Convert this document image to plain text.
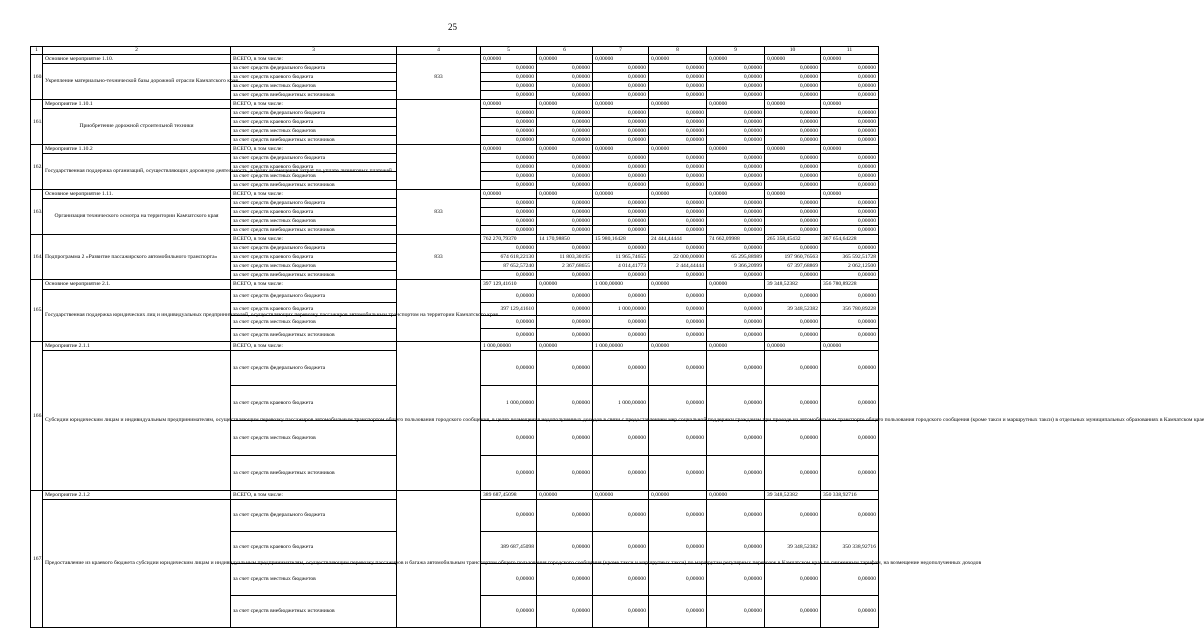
25
1	2	3	4	5	6	7	8	9	10	11
160.	Основное мероприятие 1.10.	ВСЕГО, в том числе:	833	0,00000	0,00000	0,00000	0,00000	0,00000	0,00000	0,00000
	Укрепление материально-технической базы дорожной отрасли Камчатского края	за счет средств федерального бюджета		0,00000	0,00000	0,00000	0,00000	0,00000	0,00000	0,00000
		за счет средств краевого бюджета		0,00000	0,00000	0,00000	0,00000	0,00000	0,00000	0,00000
		за счет средств местных бюджетов		0,00000	0,00000	0,00000	0,00000	0,00000	0,00000	0,00000
		за счет средств внебюджетных источников		0,00000	0,00000	0,00000	0,00000	0,00000	0,00000	0,00000
161.	Мероприятие 1.10.1	ВСЕГО, в том числе:		0,00000	0,00000	0,00000	0,00000	0,00000	0,00000	0,00000
	Приобретение дорожной строительной техники	за счет средств федерального бюджета		0,00000	0,00000	0,00000	0,00000	0,00000	0,00000	0,00000
		за счет средств краевого бюджета		0,00000	0,00000	0,00000	0,00000	0,00000	0,00000	0,00000
		за счет средств местных бюджетов		0,00000	0,00000	0,00000	0,00000	0,00000	0,00000	0,00000
		за счет средств внебюджетных источников		0,00000	0,00000	0,00000	0,00000	0,00000	0,00000	0,00000
162.	Мероприятие 1.10.2	ВСЕГО, в том числе:		0,00000	0,00000	0,00000	0,00000	0,00000	0,00000	0,00000
	Государственная поддержка организаций, осуществляющих дорожную деятельность, в целях возмещения затрат по уплате лизинговых платежей	за счет средств федерального бюджета		0,00000	0,00000	0,00000	0,00000	0,00000	0,00000	0,00000
		за счет средств краевого бюджета		0,00000	0,00000	0,00000	0,00000	0,00000	0,00000	0,00000
		за счет средств местных бюджетов		0,00000	0,00000	0,00000	0,00000	0,00000	0,00000	0,00000
		за счет средств внебюджетных источников		0,00000	0,00000	0,00000	0,00000	0,00000	0,00000	0,00000
163.	Основное мероприятие 1.11.	ВСЕГО, в том числе:	833	0,00000	0,00000	0,00000	0,00000	0,00000	0,00000	0,00000
	Организация технического осмотра на территории Камчатского края	за счет средств федерального бюджета		0,00000	0,00000	0,00000	0,00000	0,00000	0,00000	0,00000
		за счет средств краевого бюджета		0,00000	0,00000	0,00000	0,00000	0,00000	0,00000	0,00000
		за счет средств местных бюджетов		0,00000	0,00000	0,00000	0,00000	0,00000	0,00000	0,00000
		за счет средств внебюджетных источников		0,00000	0,00000	0,00000	0,00000	0,00000	0,00000	0,00000
164.	Подпрограмма 2 «Развитие пассажирского автомобильного транспорта»	ВСЕГО, в том числе:	833	762 270,79370	14 170,98850	15 980,16428	24 444,44444	74 662,09988	265 358,45432	367 654,64228
		за счет средств федерального бюджета		0,00000	0,00000	0,00000	0,00000	0,00000	0,00000	0,00000
		за счет средств краевого бюджета		674 618,22130	11 803,30195	11 965,74655	22 000,00000	65 295,88989	197 960,76563	365 592,51728
		за счет средств местных бюджетов		87 652,57240	2 367,68655	4 014,41773	2 444,44444	9 366,20999	67 397,68869	2 062,12500
		за счет средств внебюджетных источников		0,00000	0,00000	0,00000	0,00000	0,00000	0,00000	0,00000
165.	Основное мероприятие 2.1.	ВСЕГО, в том числе:		397 129,41610	0,00000	1 000,00000	0,00000	0,00000	39 348,52382	356 780,89228
	Государственная поддержка юридических лиц и индивидуальных предпринимателей, осуществляющих перевозку пассажиров автомобильным транспортом на территории Камчатского края	за счет средств федерального бюджета		0,00000	0,00000	0,00000	0,00000	0,00000	0,00000	0,00000
		за счет средств краевого бюджета		397 129,41610	0,00000	1 000,00000	0,00000	0,00000	39 348,52382	356 780,89228
		за счет средств местных бюджетов		0,00000	0,00000	0,00000	0,00000	0,00000	0,00000	0,00000
		за счет средств внебюджетных источников		0,00000	0,00000	0,00000	0,00000	0,00000	0,00000	0,00000
166.	Мероприятие 2.1.1	ВСЕГО, в том числе:		1 000,00000	0,00000	1 000,00000	0,00000	0,00000	0,00000	0,00000
	Субсидии юридическим лицам и индивидуальным предпринимателям, осуществляющим перевозку пассажиров автомобильным транспортом общего пользования городского сообщения, в целях возмещения недополученных доходов в связи с предоставлением мер социальной поддержки гражданам при проезде на автомобильном транспорте общего пользования городского сообщения (кроме такси и маршрутных такси) в отдельных муниципальных образованиях в Камчатском крае	за счет средств федерального бюджета		0,00000	0,00000	0,00000	0,00000	0,00000	0,00000	0,00000
		за счет средств краевого бюджета		1 000,00000	0,00000	1 000,00000	0,00000	0,00000	0,00000	0,00000
		за счет средств местных бюджетов		0,00000	0,00000	0,00000	0,00000	0,00000	0,00000	0,00000
		за счет средств внебюджетных источников		0,00000	0,00000	0,00000	0,00000	0,00000	0,00000	0,00000
167.	Мероприятие 2.1.2	ВСЕГО, в том числе:		389 687,45098	0,00000	0,00000	0,00000	0,00000	39 348,52382	350 338,92716
	Предоставление из краевого бюджета субсидии юридическим лицам и индивидуальным предпринимателям, осуществляющим перевозку пассажиров и багажа автомобильным транспортом общего пользования городского сообщения (кроме такси и маршрутных такси) по маршрутам регулярных перевозок в Камчатском крае по сниженным тарифам, на возмещение недополученных доходов	за счет средств федерального бюджета		0,00000	0,00000	0,00000	0,00000	0,00000	0,00000	0,00000
		за счет средств краевого бюджета		389 687,45098	0,00000	0,00000	0,00000	0,00000	39 348,52382	350 338,92716
		за счет средств местных бюджетов		0,00000	0,00000	0,00000	0,00000	0,00000	0,00000	0,00000
		за счет средств внебюджетных источников		0,00000	0,00000	0,00000	0,00000	0,00000	0,00000	0,00000
